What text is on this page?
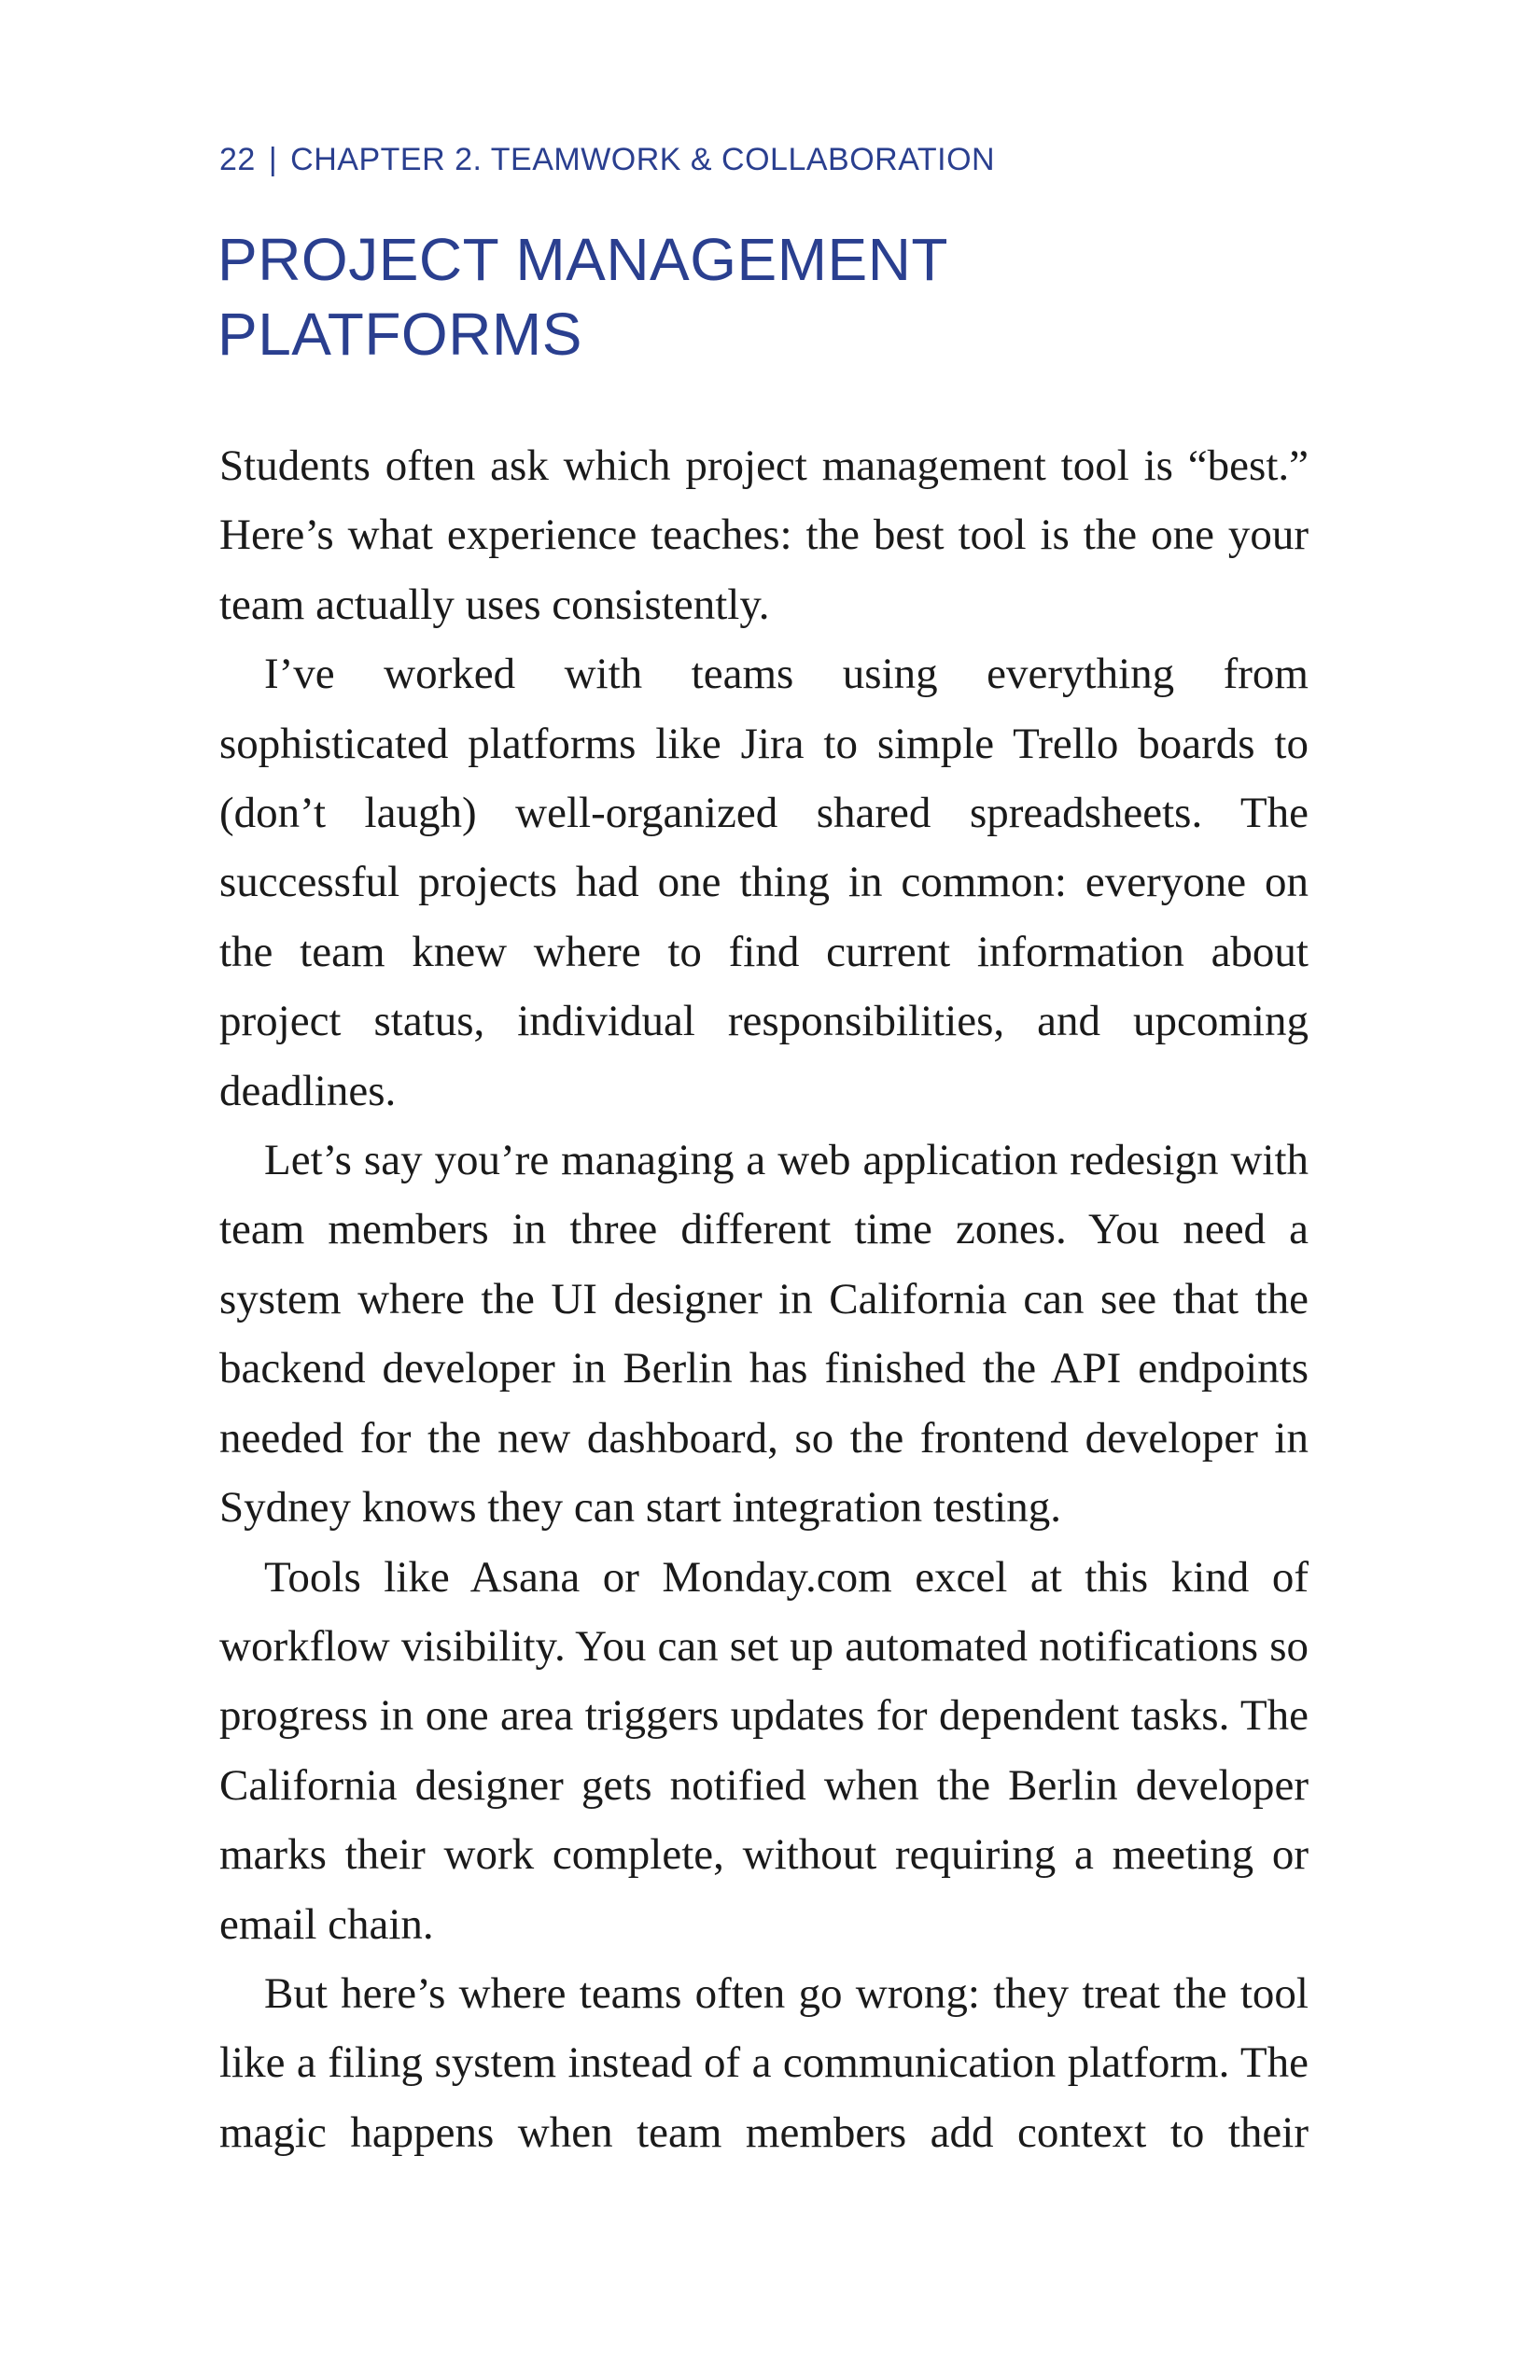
22 | CHAPTER 2. TEAMWORK & COLLABORATION
PROJECT MANAGEMENT PLATFORMS

Students often ask which project management tool is “best.” Here’s what experience teaches: the best tool is the one your team actually uses consistently.

I’ve worked with teams using everything from sophisticated platforms like Jira to simple Trello boards to (don’t laugh) well-organized shared spreadsheets. The successful projects had one thing in common: everyone on the team knew where to find current information about project status, individual responsibilities, and upcoming deadlines.

Let’s say you’re managing a web application redesign with team members in three different time zones. You need a system where the UI designer in California can see that the backend developer in Berlin has finished the API endpoints needed for the new dashboard, so the frontend developer in Sydney knows they can start integration testing.

Tools like Asana or Monday.com excel at this kind of workflow visibility. You can set up automated notifications so progress in one area triggers updates for dependent tasks. The California designer gets notified when the Berlin developer marks their work complete, without requiring a meeting or email chain.

But here’s where teams often go wrong: they treat the tool like a filing system instead of a communication platform. The magic happens when team members add context to their
